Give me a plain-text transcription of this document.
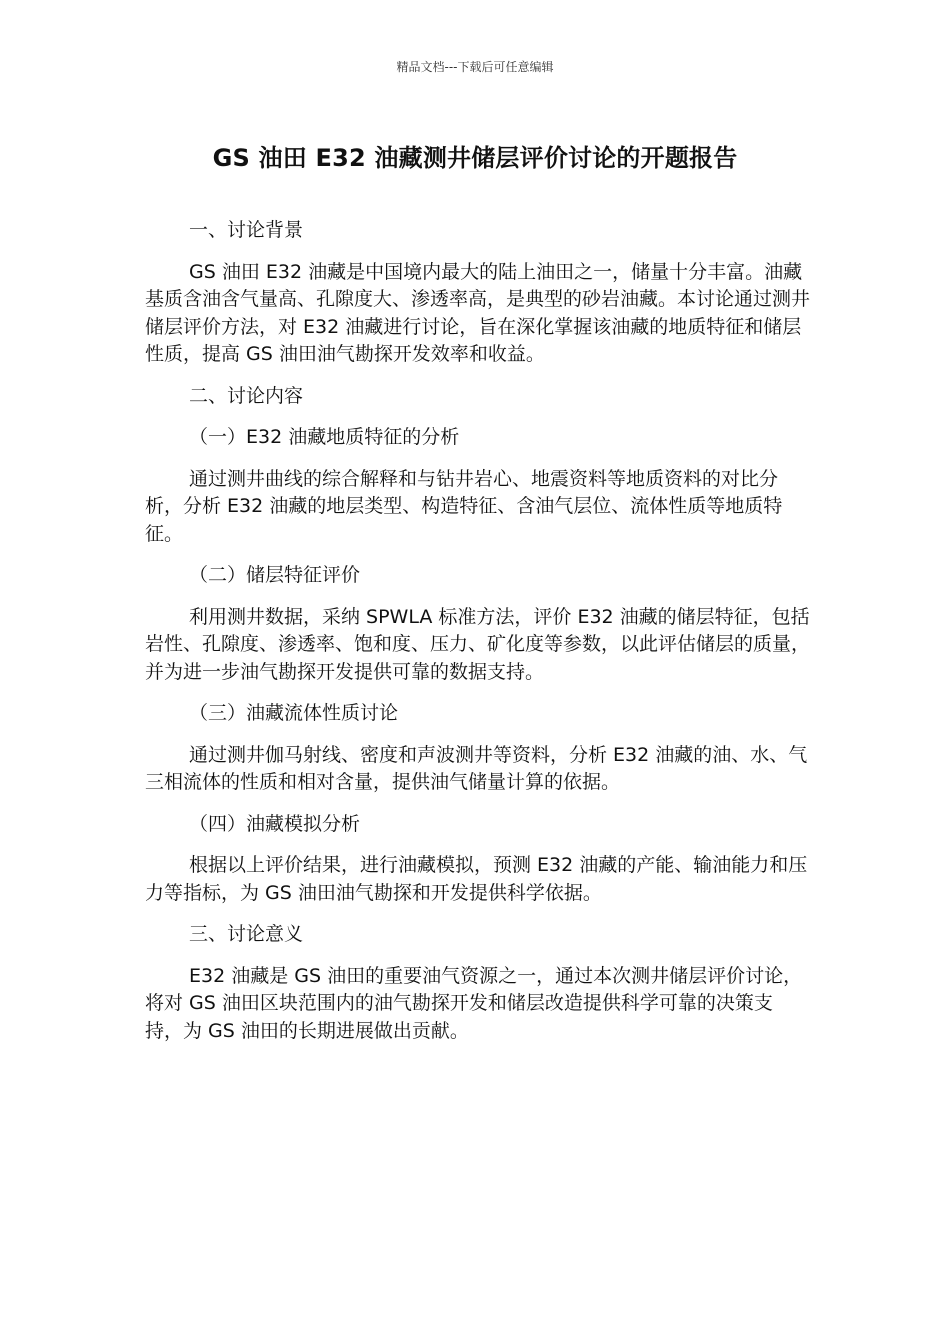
精品文档---下载后可任意编辑
GS 油田 E32 油藏测井储层评价讨论的开题报告

一、讨论背景

GS 油田 E32 油藏是中国境内最大的陆上油田之一，储量十分丰富。油藏基质含油含气量高、孔隙度大、渗透率高，是典型的砂岩油藏。本讨论通过测井储层评价方法，对 E32 油藏进行讨论，旨在深化掌握该油藏的地质特征和储层性质，提高 GS 油田油气勘探开发效率和收益。

二、讨论内容

（一）E32 油藏地质特征的分析

通过测井曲线的综合解释和与钻井岩心、地震资料等地质资料的对比分析，分析 E32 油藏的地层类型、构造特征、含油气层位、流体性质等地质特征。

（二）储层特征评价

利用测井数据，采纳 SPWLA 标准方法，评价 E32 油藏的储层特征，包括岩性、孔隙度、渗透率、饱和度、压力、矿化度等参数，以此评估储层的质量，并为进一步油气勘探开发提供可靠的数据支持。

（三）油藏流体性质讨论

通过测井伽马射线、密度和声波测井等资料，分析 E32 油藏的油、水、气三相流体的性质和相对含量，提供油气储量计算的依据。

（四）油藏模拟分析

根据以上评价结果，进行油藏模拟，预测 E32 油藏的产能、输油能力和压力等指标，为 GS 油田油气勘探和开发提供科学依据。

三、讨论意义

E32 油藏是 GS 油田的重要油气资源之一，通过本次测井储层评价讨论，将对 GS 油田区块范围内的油气勘探开发和储层改造提供科学可靠的决策支持，为 GS 油田的长期进展做出贡献。
